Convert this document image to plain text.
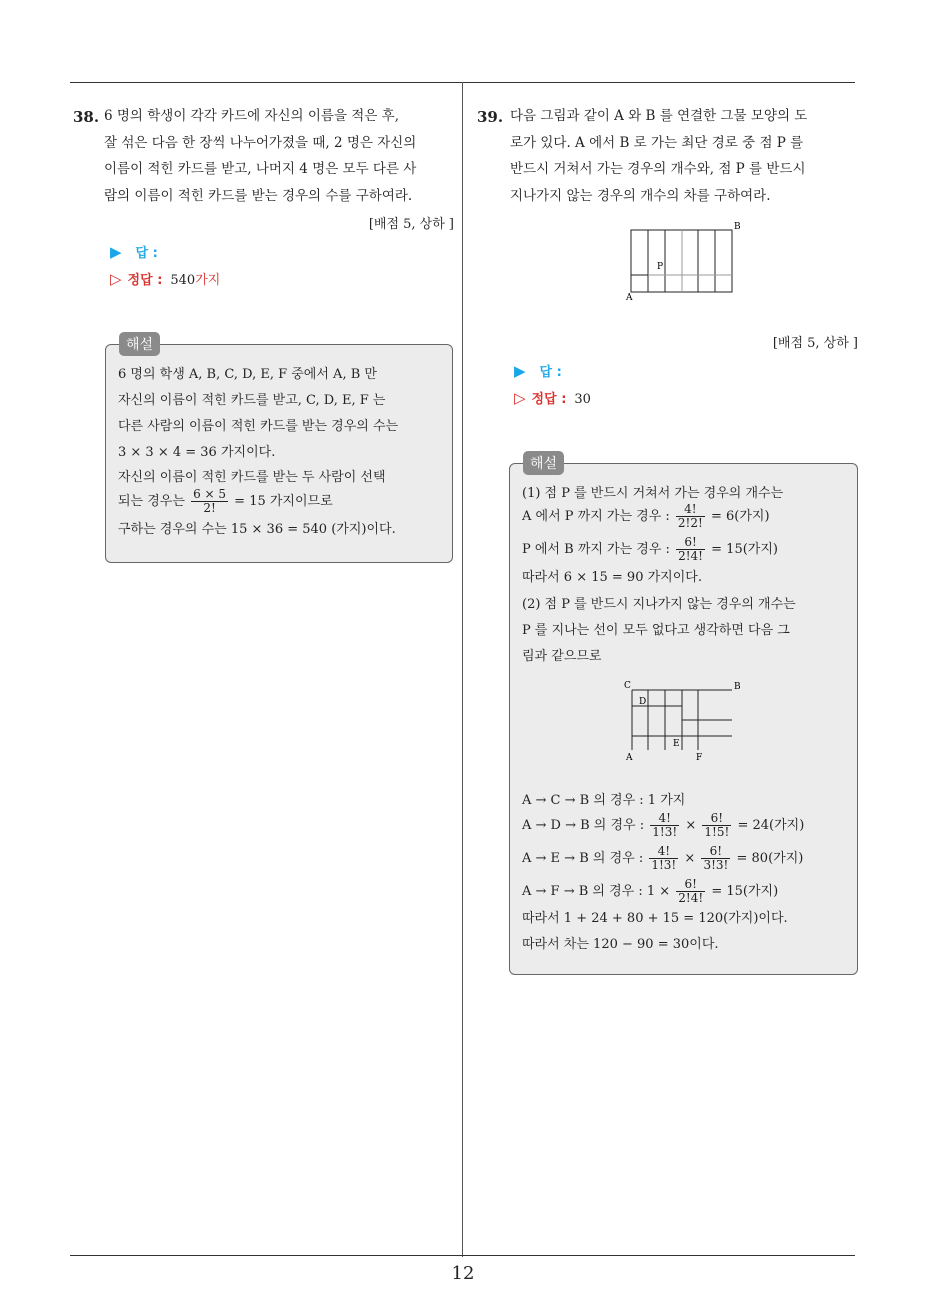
12
38. 6 명의 학생이 각각 카드에 자신의 이름을 적은 후,
잘 섞은 다음 한 장씩 나누어가졌을 때, 2 명은 자신의
이름이 적힌 카드를 받고, 나머지 4 명은 모두 다른 사
람의 이름이 적힌 카드를 받는 경우의 수를 구하여라.
[배점 5, 상하 ]
▶ 답 :
▷ 정답 : 540가지
해설
6 명의 학생 A, B, C, D, E, F 중에서 A, B 만
자신의 이름이 적힌 카드를 받고, C, D, E, F 는
다른 사람의 이름이 적힌 카드를 받는 경우의 수는
3 × 3 × 4 = 36 가지이다.
자신의 이름이 적힌 카드를 받는 두 사람이 선택
되는 경우는 $\frac{6 \times 5}{2!} = 15$ 가지이므로
구하는 경우의 수는 15 × 36 = 540 (가지)이다.
39. 다음 그림과 같이 A 와 B 를 연결한 그물 모양의 도
로가 있다. A 에서 B 로 가는 최단 경로 중 점 P 를
반드시 거쳐서 가는 경우의 개수와, 점 P 를 반드시
지나가지 않는 경우의 개수의 차를 구하여라.
A
B
P
[배점 5, 상하 ]
▶ 답 :
▷ 정답 : 30
해설
(1) 점 P 를 반드시 거쳐서 가는 경우의 개수는
A 에서 P 까지 가는 경우 : $\frac{4!}{2!2!} = 6$(가지)
P 에서 B 까지 가는 경우 : $\frac{6!}{2!4!} = 15$(가지)
따라서 6 × 15 = 90 가지이다.
(2) 점 P 를 반드시 지나가지 않는 경우의 개수는
P 를 지나는 선이 모두 없다고 생각하면 다음 그
림과 같으므로
C	B
D
E
A	F
A → C → B 의 경우 : 1 가지
A → D → B 의 경우 : $\frac{4!}{1!3!} \times \frac{6!}{1!5!} = 24$(가지)
A → E → B 의 경우 : $\frac{4!}{1!3!} \times \frac{6!}{3!3!} = 80$(가지)
A → F → B 의 경우 : $1 \times \frac{6!}{2!4!} = 15$(가지)
따라서 1 + 24 + 80 + 15 = 120(가지)이다.
따라서 차는 120 − 90 = 30이다.
